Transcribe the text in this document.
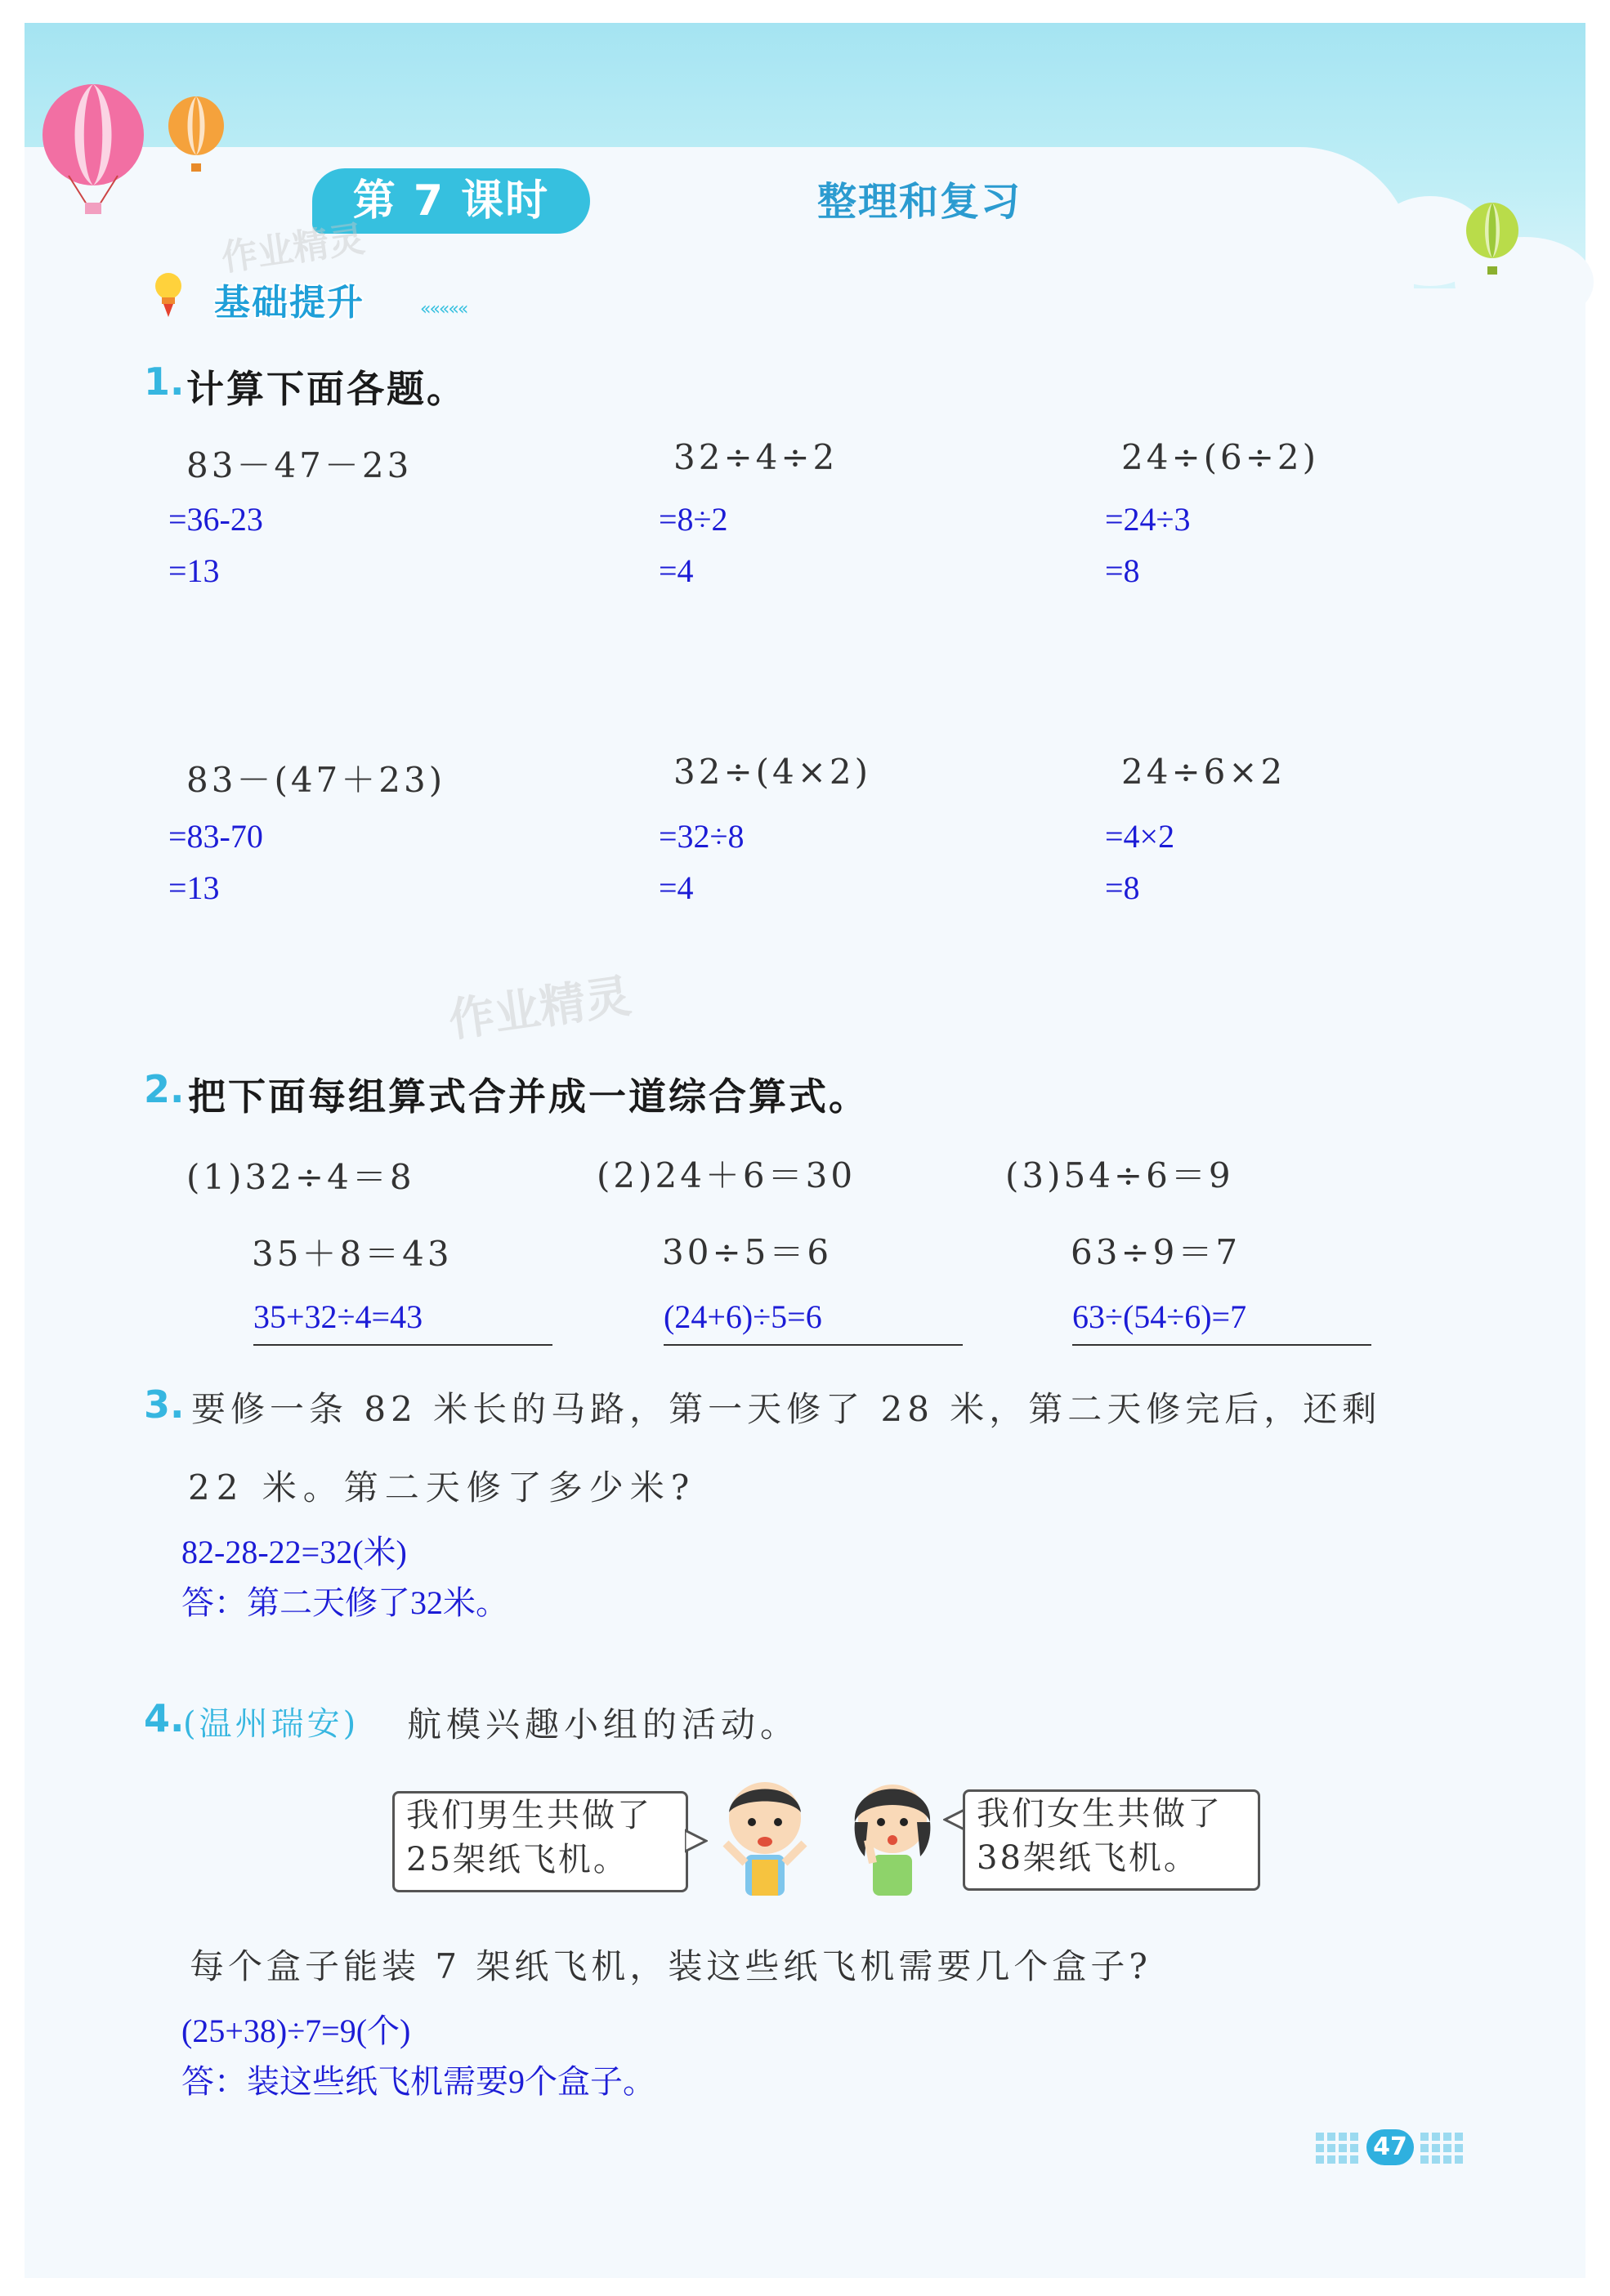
第 7 课时	整理和复习
基础提升	«««««
作业精灵
作业精灵
1. 计算下面各题。
83－47－23
=36-23
=13
32÷4÷2
=8÷2
=4
24÷(6÷2)
=24÷3
=8
83－(47＋23)
=83-70
=13
32÷(4×2)
=32÷8
=4
24÷6×2
=4×2
=8
2. 把下面每组算式合并成一道综合算式。
(1)32÷4＝8
35＋8＝43
35+32÷4=43
(2)24＋6＝30
30÷5＝6
(24+6)÷5=6
(3)54÷6＝9
63÷9＝7
63÷(54÷6)=7
3. 要修一条 82 米长的马路，第一天修了 28 米，第二天修完后，还剩
22 米。第二天修了多少米?
82-28-22=32(米)
答：第二天修了32米。
4.
(温州瑞安) 航模兴趣小组的活动。
我们男生共做了
25架纸飞机。
我们女生共做了
38架纸飞机。
每个盒子能装 7 架纸飞机，装这些纸飞机需要几个盒子?
(25+38)÷7=9(个)
答：装这些纸飞机需要9个盒子。
47
